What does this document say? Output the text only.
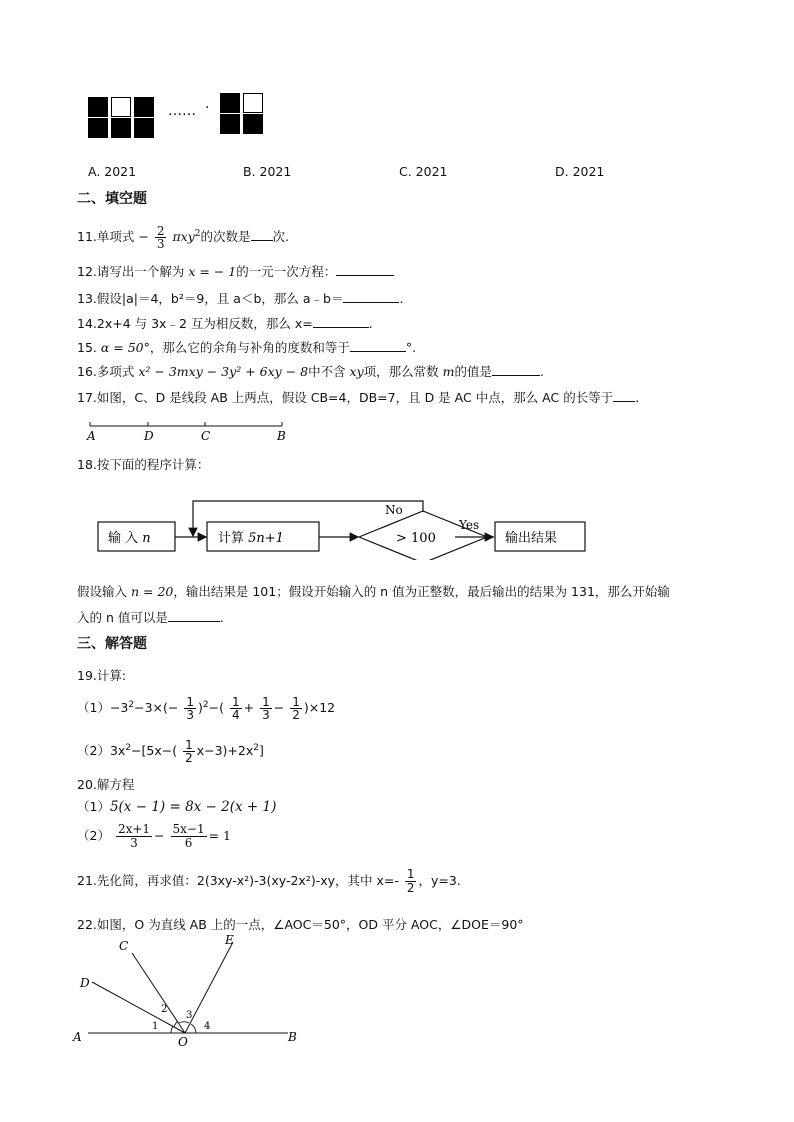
…… ·
A. 2021	B. 2021	C. 2021	D. 2021
二、填空题
11.单项式 − $\frac{2}{3} \pi xy^2$的次数是 次.
12.请写出一个解为 x = − 1的一元一次方程：
13.假设|a|＝4，b²＝9，且 a＜b，那么 a﹣b＝	.
14.2x+4 与 3x﹣2 互为相反数，那么 x=	.
15. α = 50°，那么它的余角与补角的度数和等于	°.
16.多项式 x² − 3mxy − 3y² + 6xy − 8中不含 xy项，那么常数 m的值是	.
17.如图，C、D 是线段 AB 上两点，假设 CB=4，DB=7，且 D 是 AC 中点，那么 AC 的长等于 .
A	D	C	B
18.按下面的程序计算：
输 入 n	计算 5n+1	> 100
No
Yes
输出结果
假设输入 n = 20，输出结果是 101；假设开始输入的 n 值为正整数，最后输出的结果为 131，那么开始输
入的 n 值可以是	.
三、解答题
19.计算:
$(1)-3^2-3\times(- \frac{1}{3} )^2-( \frac{1}{4} + \frac{1}{3} - \frac{1}{2} )\times 12$
$(2)3x^2-[5x-( \frac{1}{2} x-3)+2x^2]$
20.解方程
（1）5(x − 1) = 8x − 2(x + 1)
$(2) \frac{2x+1}{3} - \frac{5x-1}{6} = 1$
21.先化简，再求值：2(3xy-x²)-3(xy-2x²)-xy，其中 $x=- \frac{1}{2}$ ，y=3.
22.如图，O 为直线 AB 上的一点，∠AOC＝50°，OD 平分 AOC，∠DOE＝90°
A	B
C
D
E
O
1
2
3
4
